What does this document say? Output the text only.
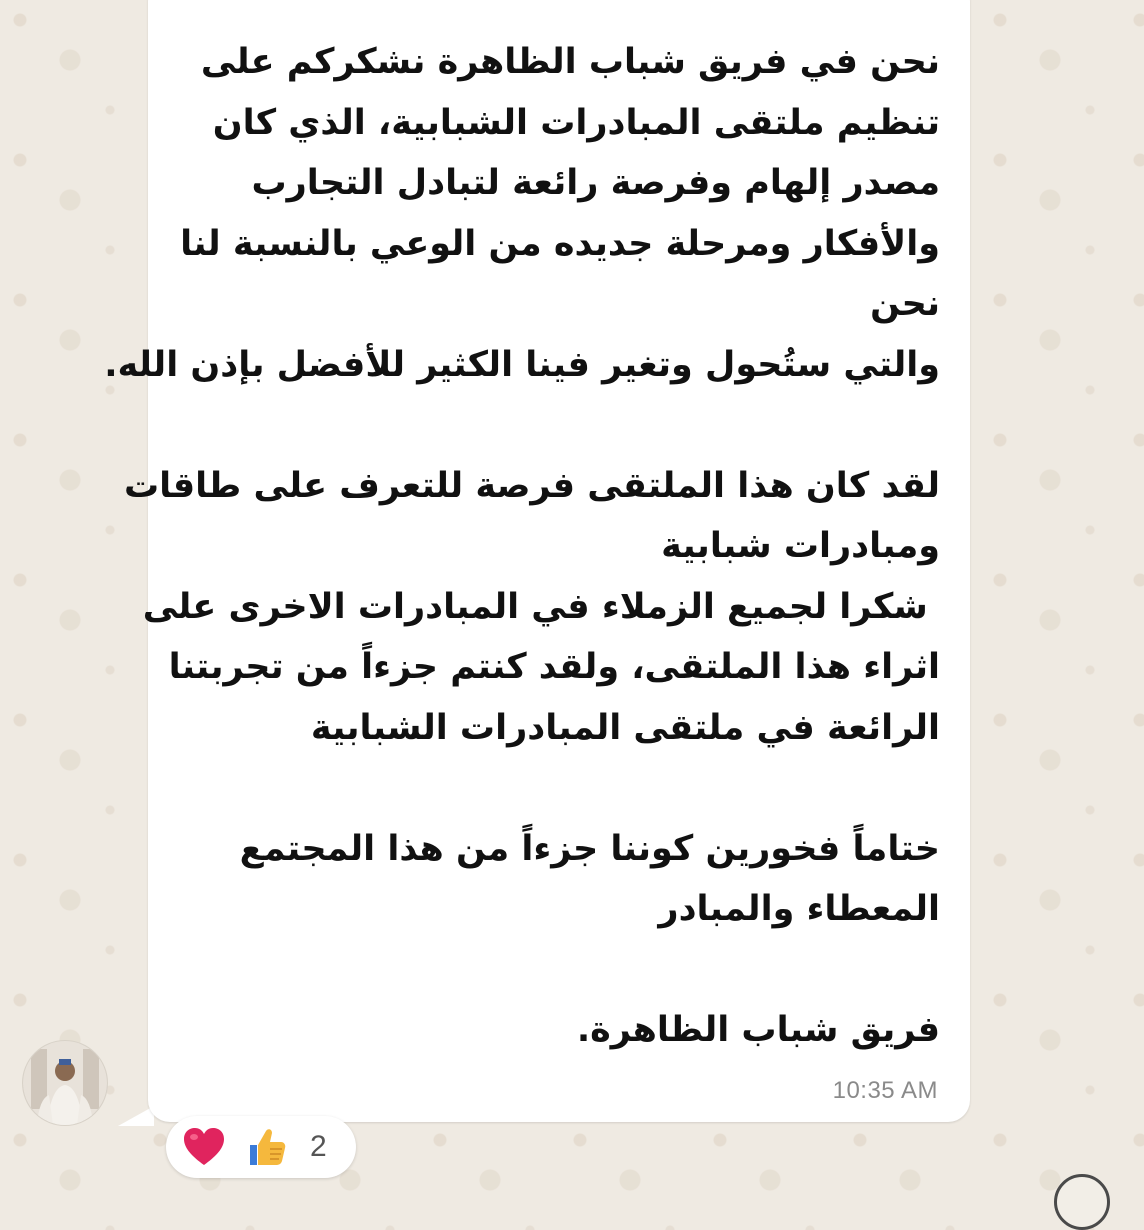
نحن في فريق شباب الظاهرة نشكركم على
تنظيم ملتقى المبادرات الشبابية، الذي كان
مصدر إلهام وفرصة رائعة لتبادل التجارب
والأفكار ومرحلة جديده من الوعي بالنسبة لنا
نحن
والتي ستُحول وتغير فينا الكثير للأفضل بإذن الله.

لقد كان هذا الملتقى فرصة للتعرف على طاقات
ومبادرات شبابية
شكرا لجميع الزملاء في المبادرات الاخرى على
اثراء هذا الملتقى، ولقد كنتم جزءاً من تجربتنا
الرائعة في ملتقى المبادرات الشبابية

ختاماً فخورين كوننا جزءاً من هذا المجتمع
المعطاء والمبادر

فريق شباب الظاهرة.
10:35 AM
2
